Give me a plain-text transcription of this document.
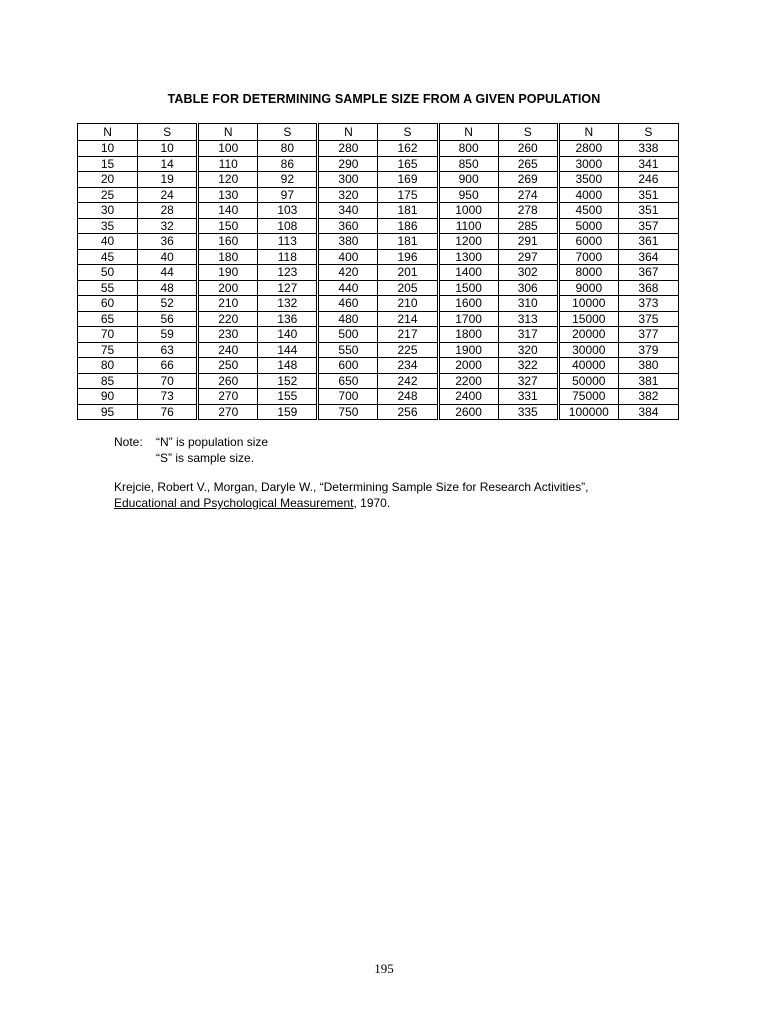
TABLE FOR DETERMINING SAMPLE SIZE FROM A GIVEN POPULATION
N	S	N	S	N	S	N	S	N	S
10	10	100	80	280	162	800	260	2800	338
15	14	110	86	290	165	850	265	3000	341
20	19	120	92	300	169	900	269	3500	246
25	24	130	97	320	175	950	274	4000	351
30	28	140	103	340	181	1000	278	4500	351
35	32	150	108	360	186	1100	285	5000	357
40	36	160	113	380	181	1200	291	6000	361
45	40	180	118	400	196	1300	297	7000	364
50	44	190	123	420	201	1400	302	8000	367
55	48	200	127	440	205	1500	306	9000	368
60	52	210	132	460	210	1600	310	10000	373
65	56	220	136	480	214	1700	313	15000	375
70	59	230	140	500	217	1800	317	20000	377
75	63	240	144	550	225	1900	320	30000	379
80	66	250	148	600	234	2000	322	40000	380
85	70	260	152	650	242	2200	327	50000	381
90	73	270	155	700	248	2400	331	75000	382
95	76	270	159	750	256	2600	335	100000	384
Note: “N” is population size
“S” is sample size.
Krejcie, Robert V., Morgan, Daryle W., “Determining Sample Size for Research Activities”,
Educational and Psychological Measurement, 1970.
195
